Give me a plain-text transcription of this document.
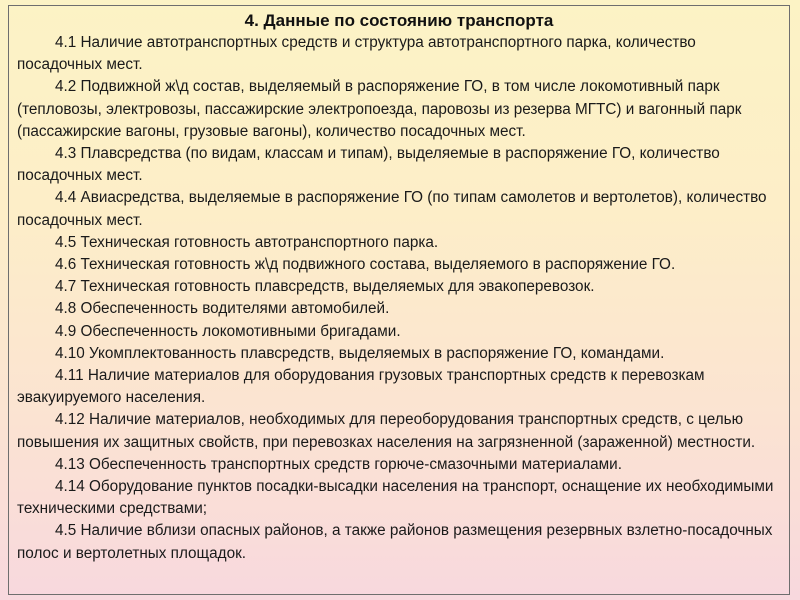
4. Данные по состоянию транспорта

4.1 Наличие автотранспортных средств и структура автотранспортного парка, количество посадочных мест.

4.2 Подвижной ж\д состав, выделяемый в распоряжение ГО, в том числе локомотивный парк (тепловозы, электровозы, пассажирские электропоезда, паровозы из резерва МГТС) и вагонный парк (пассажирские вагоны, грузовые вагоны), количество посадочных мест.

4.3 Плавсредства (по видам, классам и типам), выделяемые в распоряжение ГО, количество посадочных мест.

4.4 Авиасредства, выделяемые в распоряжение ГО (по типам самолетов и вертолетов), количество посадочных мест.

4.5 Техническая готовность автотранспортного парка.

4.6 Техническая готовность ж\д подвижного состава, выделяемого в распоряжение ГО.

4.7 Техническая готовность плавсредств, выделяемых для эвакоперевозок.

4.8 Обеспеченность водителями автомобилей.

4.9 Обеспеченность локомотивными бригадами.

4.10 Укомплектованность плавсредств, выделяемых в распоряжение ГО, командами.

4.11 Наличие материалов для оборудования грузовых транспортных средств к перевозкам эвакуируемого населения.

4.12 Наличие материалов, необходимых для переоборудования транспортных средств, с целью повышения их защитных свойств, при перевозках населения на загрязненной (зараженной) местности.

4.13 Обеспеченность транспортных средств горюче-смазочными материалами.

4.14 Оборудование пунктов посадки-высадки населения на транспорт, оснащение их необходимыми техническими средствами;

4.5 Наличие вблизи опасных районов, а также районов размещения резервных взлетно-посадочных полос и вертолетных площадок.
